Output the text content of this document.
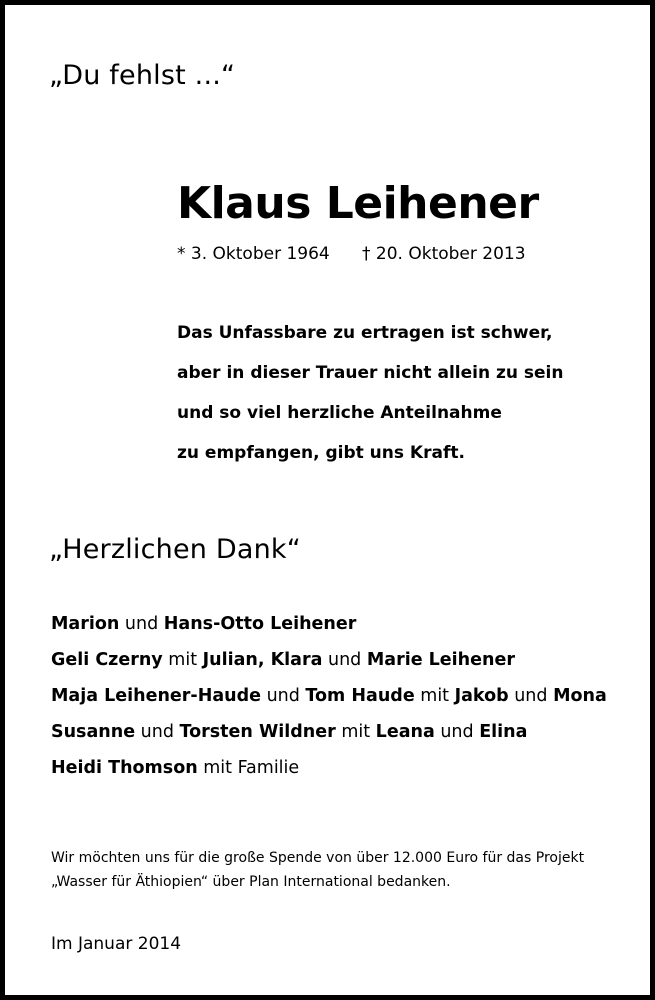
„Du fehlst ...“
Klaus Leihener
* 3. Oktober 1964 † 20. Oktober 2013
Das Unfassbare zu ertragen ist schwer,
aber in dieser Trauer nicht allein zu sein
und so viel herzliche Anteilnahme
zu empfangen, gibt uns Kraft.
„Herzlichen Dank“
Marion und Hans-Otto Leihener
Geli Czerny mit Julian, Klara und Marie Leihener
Maja Leihener-Haude und Tom Haude mit Jakob und Mona
Susanne und Torsten Wildner mit Leana und Elina
Heidi Thomson mit Familie
Wir möchten uns für die große Spende von über 12.000 Euro für das Projekt
„Wasser für Äthiopien“ über Plan International bedanken.
Im Januar 2014
